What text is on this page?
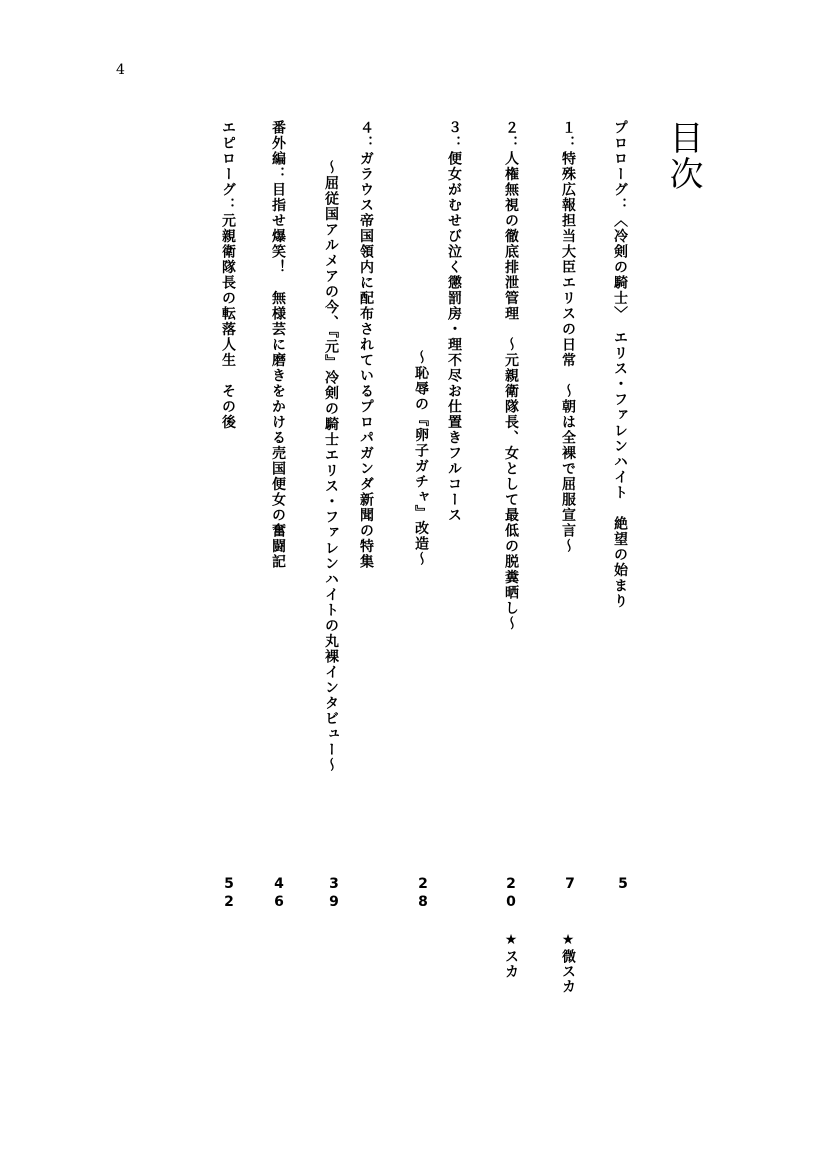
4
目次
プロローグ：〈冷剣の騎士〉　エリス・ファレンハイト　絶望の始まり
１：特殊広報担当大臣エリスの日常　～朝は全裸で屈服宣言～
２：人権無視の徹底排泄管理　～元親衛隊長、女として最低の脱糞晒し～
３：便女がむせび泣く懲罰房・理不尽お仕置きフルコース
～恥辱の『卵子ガチャ』改造～
４：ガラウス帝国領内に配布されているプロパガンダ新聞の特集
～屈従国アルメアの今、『元』冷剣の騎士エリス・ファレンハイトの丸裸インタビュー～
番外編：目指せ爆笑！　無様芸に磨きをかける売国便女の奮闘記
エピローグ：元親衛隊長の転落人生　その後
5
7
20
28
39
46
52
★微スカ
★スカ
